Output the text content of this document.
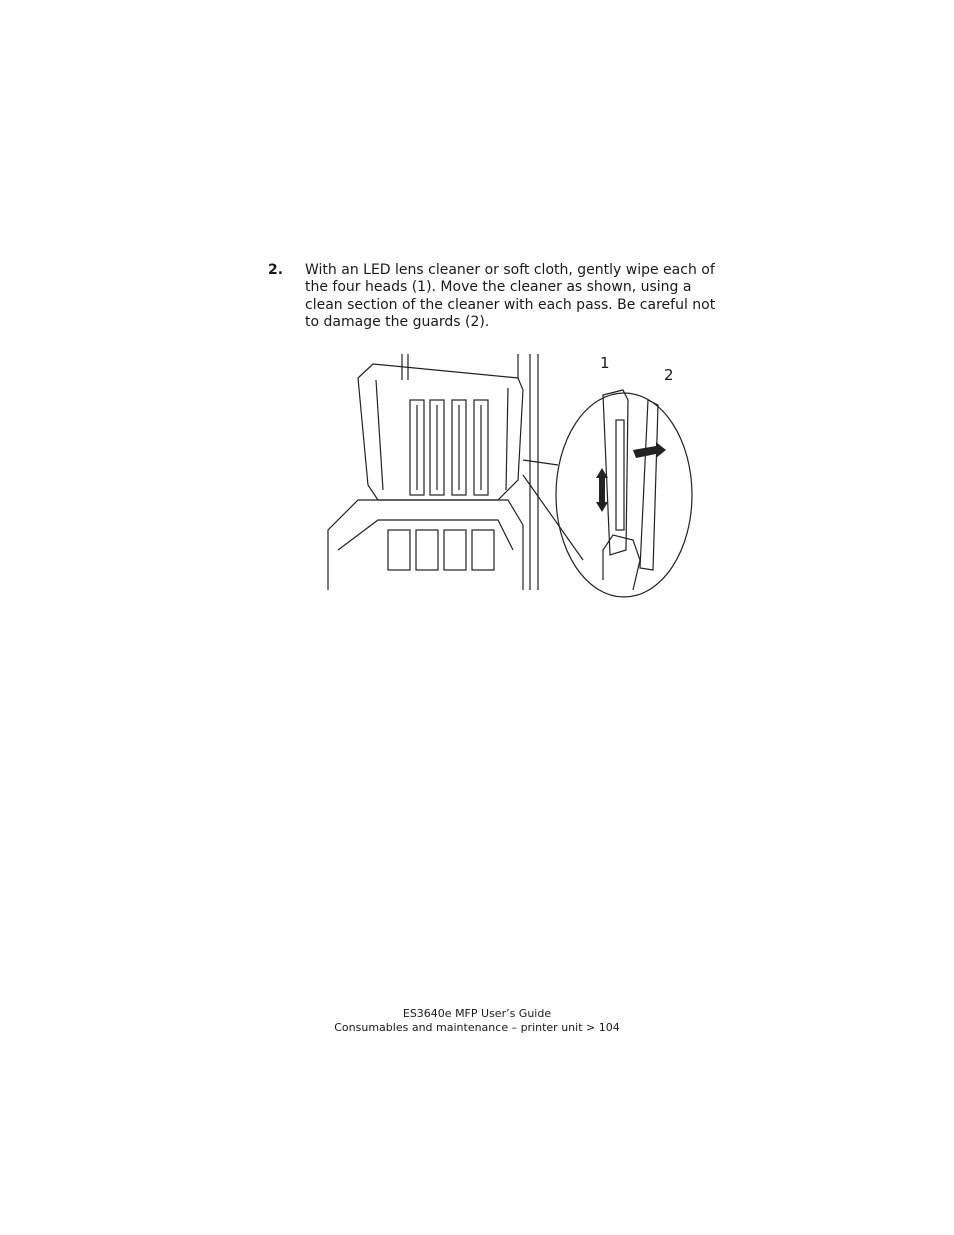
2. With an LED lens cleaner or soft cloth, gently wipe each of the four heads (1). Move the cleaner as shown, using a clean section of the cleaner with each pass. Be careful not to damage the guards (2).
1
2
ES3640e MFP User’s Guide
Consumables and maintenance – printer unit > 104
